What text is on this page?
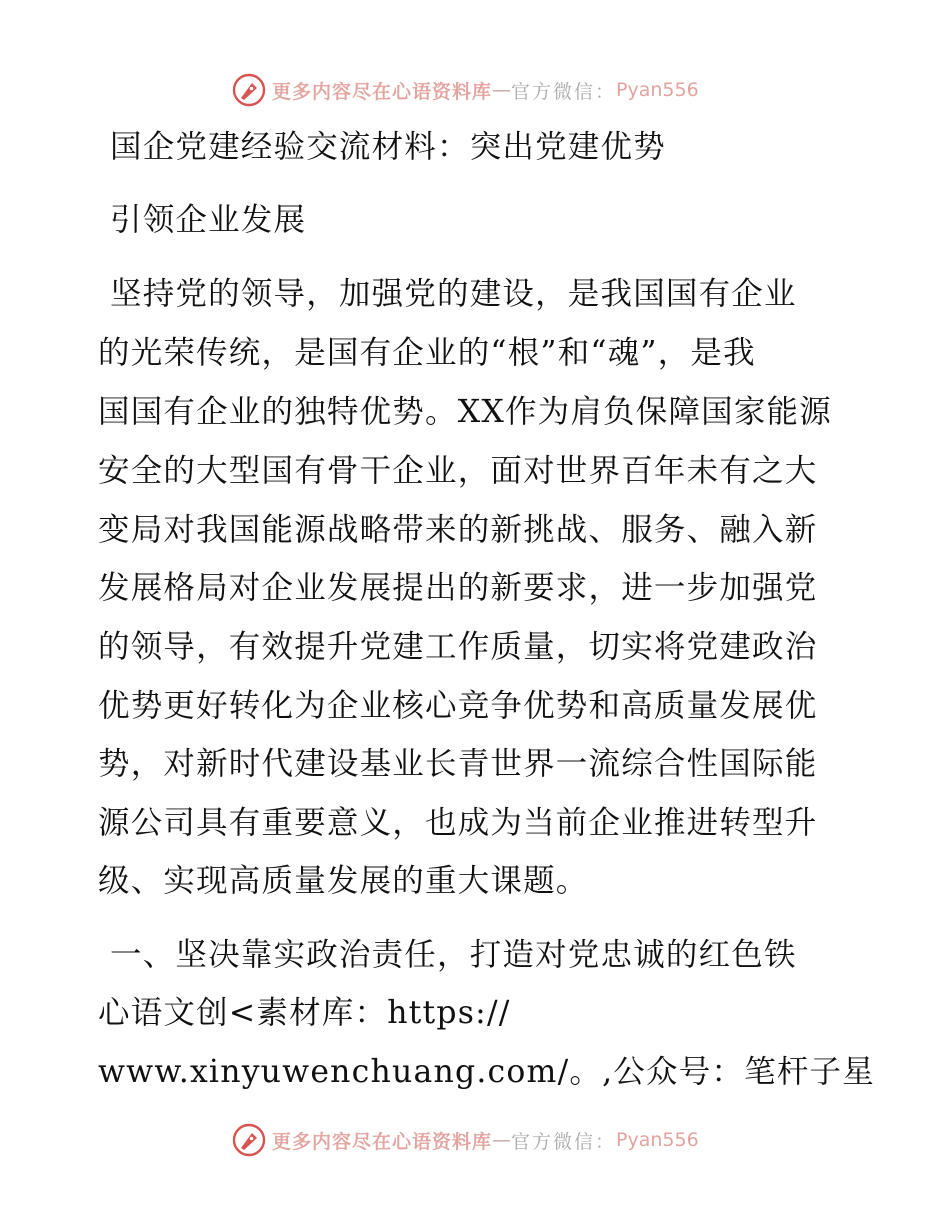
更多内容尽在心语资料库 — 官方微信： Pyan556
国企党建经验交流材料：突出党建优势
引领企业发展
坚持党的领导，加强党的建设，是我国国有企业
的光荣传统，是国有企业的“根”和“魂”，是我
国国有企业的独特优势。XX作为肩负保障国家能源
安全的大型国有骨干企业，面对世界百年未有之大
变局对我国能源战略带来的新挑战、服务、融入新
发展格局对企业发展提出的新要求，进一步加强党
的领导，有效提升党建工作质量，切实将党建政治
优势更好转化为企业核心竞争优势和高质量发展优
势，对新时代建设基业长青世界一流综合性国际能
源公司具有重要意义，也成为当前企业推进转型升
级、实现高质量发展的重大课题。
一、坚决靠实政治责任，打造对党忠诚的红色铁
心语文创<素材库：https://
www.xinyuwenchuang.com/。,公众号：笔杆子星
更多内容尽在心语资料库 — 官方微信： Pyan556
